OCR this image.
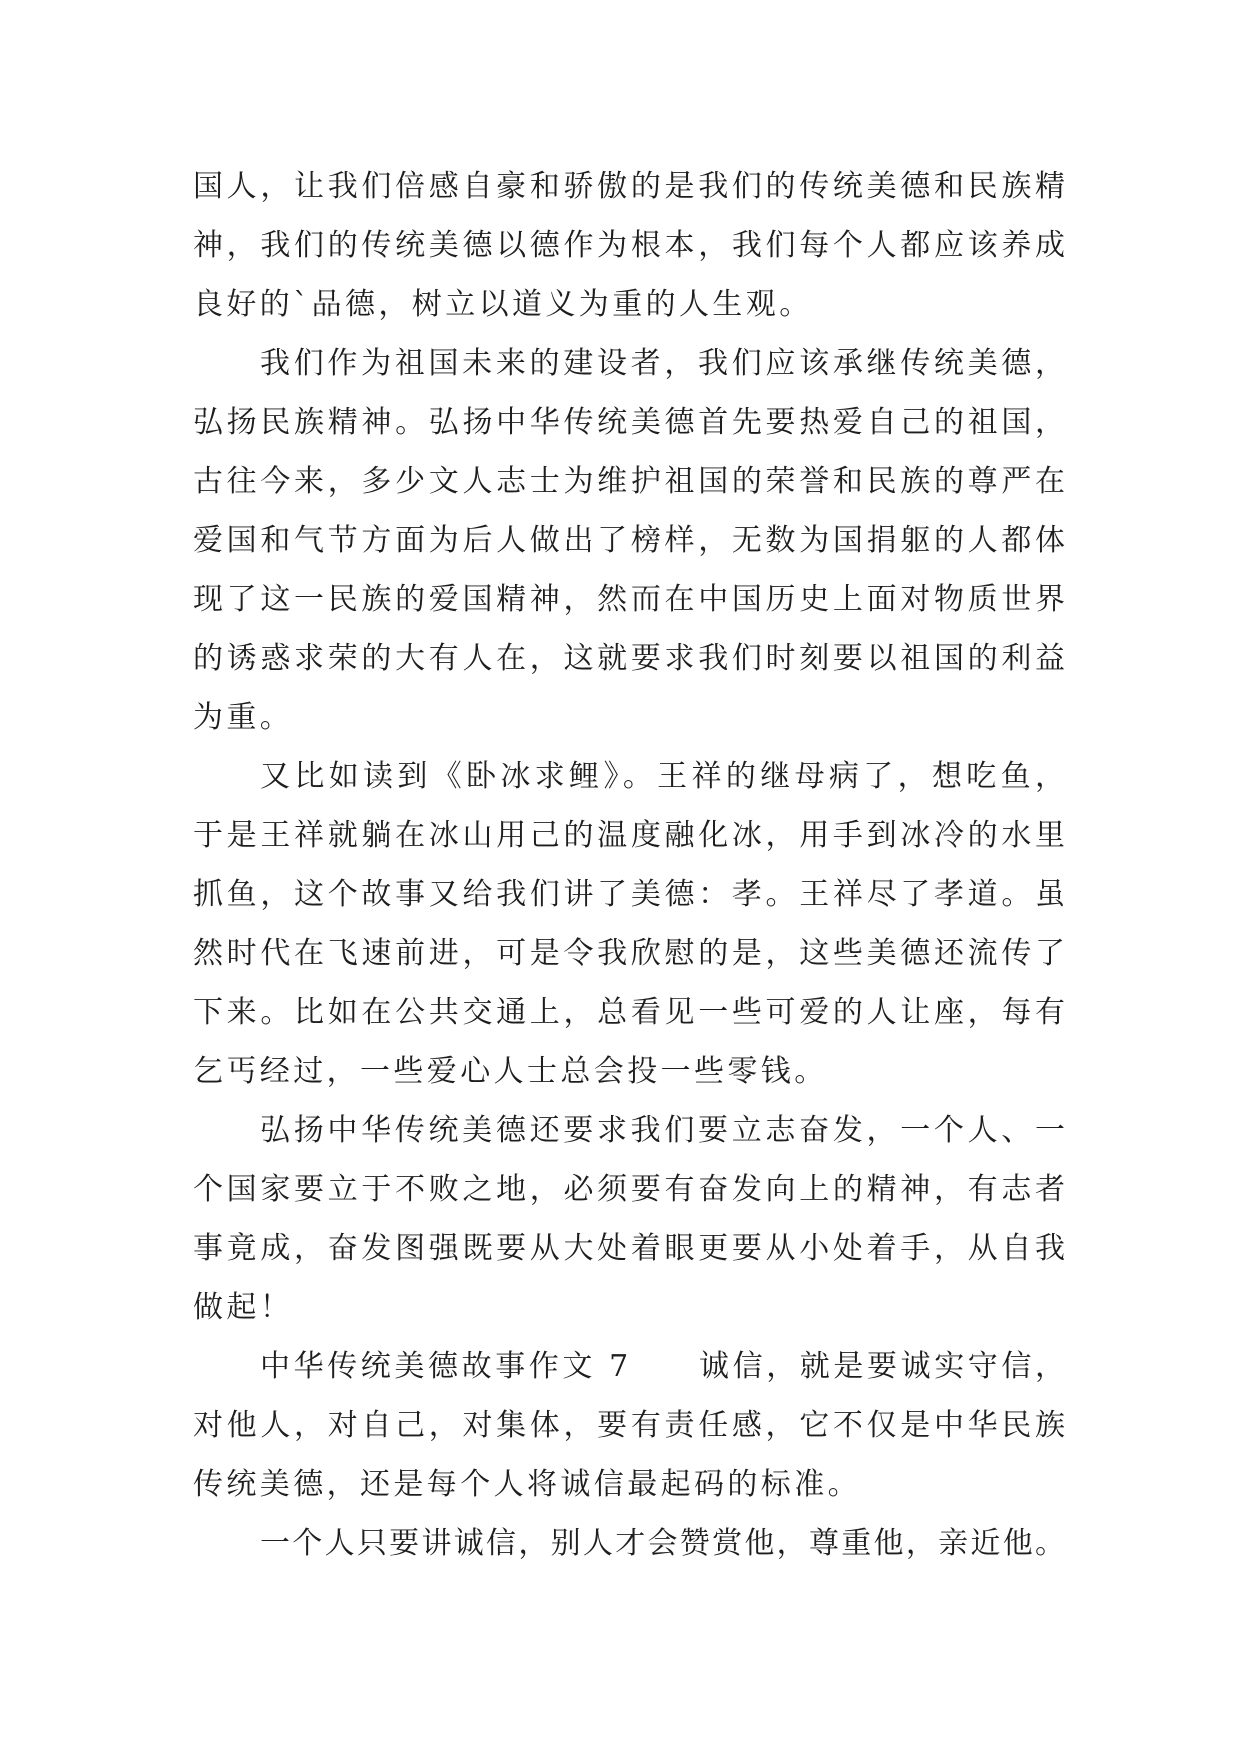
国人，让我们倍感自豪和骄傲的是我们的传统美德和民族精
神，我们的传统美德以德作为根本，我们每个人都应该养成
良好的`品德，树立以道义为重的人生观。
我们作为祖国未来的建设者，我们应该承继传统美德，
弘扬民族精神。弘扬中华传统美德首先要热爱自己的祖国，
古往今来，多少文人志士为维护祖国的荣誉和民族的尊严在
爱国和气节方面为后人做出了榜样，无数为国捐躯的人都体
现了这一民族的爱国精神，然而在中国历史上面对物质世界
的诱惑求荣的大有人在，这就要求我们时刻要以祖国的利益
为重。
又比如读到《卧冰求鲤》。王祥的继母病了，想吃鱼，
于是王祥就躺在冰山用己的温度融化冰，用手到冰冷的水里
抓鱼，这个故事又给我们讲了美德：孝。王祥尽了孝道。虽
然时代在飞速前进，可是令我欣慰的是，这些美德还流传了
下来。比如在公共交通上，总看见一些可爱的人让座，每有
乞丐经过，一些爱心人士总会投一些零钱。
弘扬中华传统美德还要求我们要立志奋发，一个人、一
个国家要立于不败之地，必须要有奋发向上的精神，有志者
事竟成，奋发图强既要从大处着眼更要从小处着手，从自我
做起！
中华传统美德故事作文 7　　诚信，就是要诚实守信，
对他人，对自己，对集体，要有责任感，它不仅是中华民族
传统美德，还是每个人将诚信最起码的标准。
一个人只要讲诚信，别人才会赞赏他，尊重他，亲近他。
